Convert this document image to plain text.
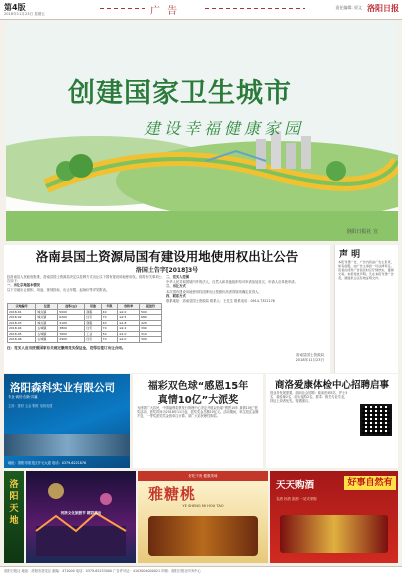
第4版
2018年11月23日 星期五	广 告	责任编辑: 原文 洛阳日报
创建国家卫生城市
建设幸福健康家园
洛阳日报社 宣
洛南县国土资源局国有建设用地使用权出让公告
洛国土告字[2018]3号
经洛南县人民政府批准，洛南县国土资源局决定以挂牌方式出让以下国有建设用地使用权。现将有关事项公告如下：
一、出让宗地基本情况
以下宗地出让面积、用途、规划指标、出让年限、起始价等详见附表。
宗地编号	位置	面积(㎡)	用途	年限	容积率	起始价
2018-01	城关镇	5000	商服	40	≤2.0	500
2018-02	城关镇	6200	住宅	70	≤2.5	680
2018-03	城关镇	4100	商服	40	≤1.8	420
2018-04	古城镇	3800	住宅	70	≤2.2	390
2018-05	古城镇	7600	工业	50	≥1.0	310
2018-06	古城镇	2900	住宅	70	≤2.0	300
二、竞买人范围
中华人民共和国境内外的法人、自然人和其他组织均可申请参加竞买，申请人应单独申请。
三、出让方式
本次国有建设用地使用权挂牌出让按照价高者得原则确定竞得人。
四、联系方式
联系地址：洛南县国土资源局 联系人：王先生 联系电话：0914-7322176
注：竞买人应当按照国家有关规定缴纳竞买保证金，竞得后签订出让合同。
洛南县国土资源局
2018年11月23日
声 明
本报刊登广告，广告内容由广告主负责，如有虚假，由广告主承担一切法律责任。读者在使用广告信息时应仔细核实，谨慎交易。本报特此声明。凡在本报刊登广告者，须提供合法有效证明文件。
洛阳森科实业有限公司
专业·诚信·创新·共赢
主营：建材 五金 钢材 电线电缆
地址：洛阳市洛龙区开元大道 电话：0379-6221876
福彩双色球“感恩15年
真情10亿”大派奖
为回馈广大彩民，中国福利彩票发行管理中心决定开展双色球“感恩15年 真情10亿”派奖活动，派奖时间为2018年11月起，派奖奖金总额10亿元。活动期间，单注投注金额不变，一等奖派奖奖金按单注计算。请广大彩民理性购彩。
商洛爱康体检中心招聘启事
因业务发展需要，面向社会招聘：临床医师3名、护士5名、检验师2名、前台接待2名。要求：相关专业毕业，持证上岗者优先。待遇面议。
洛阳天地
河洛文化旅游节 精彩演出
好吃不贵 健康美味
雅糖桃
YE SHENG MI HOU TAO
天天购酒	好事自然有
名酒 好酒 喜酒 一站式采购
洛阳日报社 地址：洛阳市洛龙区 邮编：471000 电话：0379-65233000 广告许可证：4103004000021 印刷：洛阳日报社印务中心
